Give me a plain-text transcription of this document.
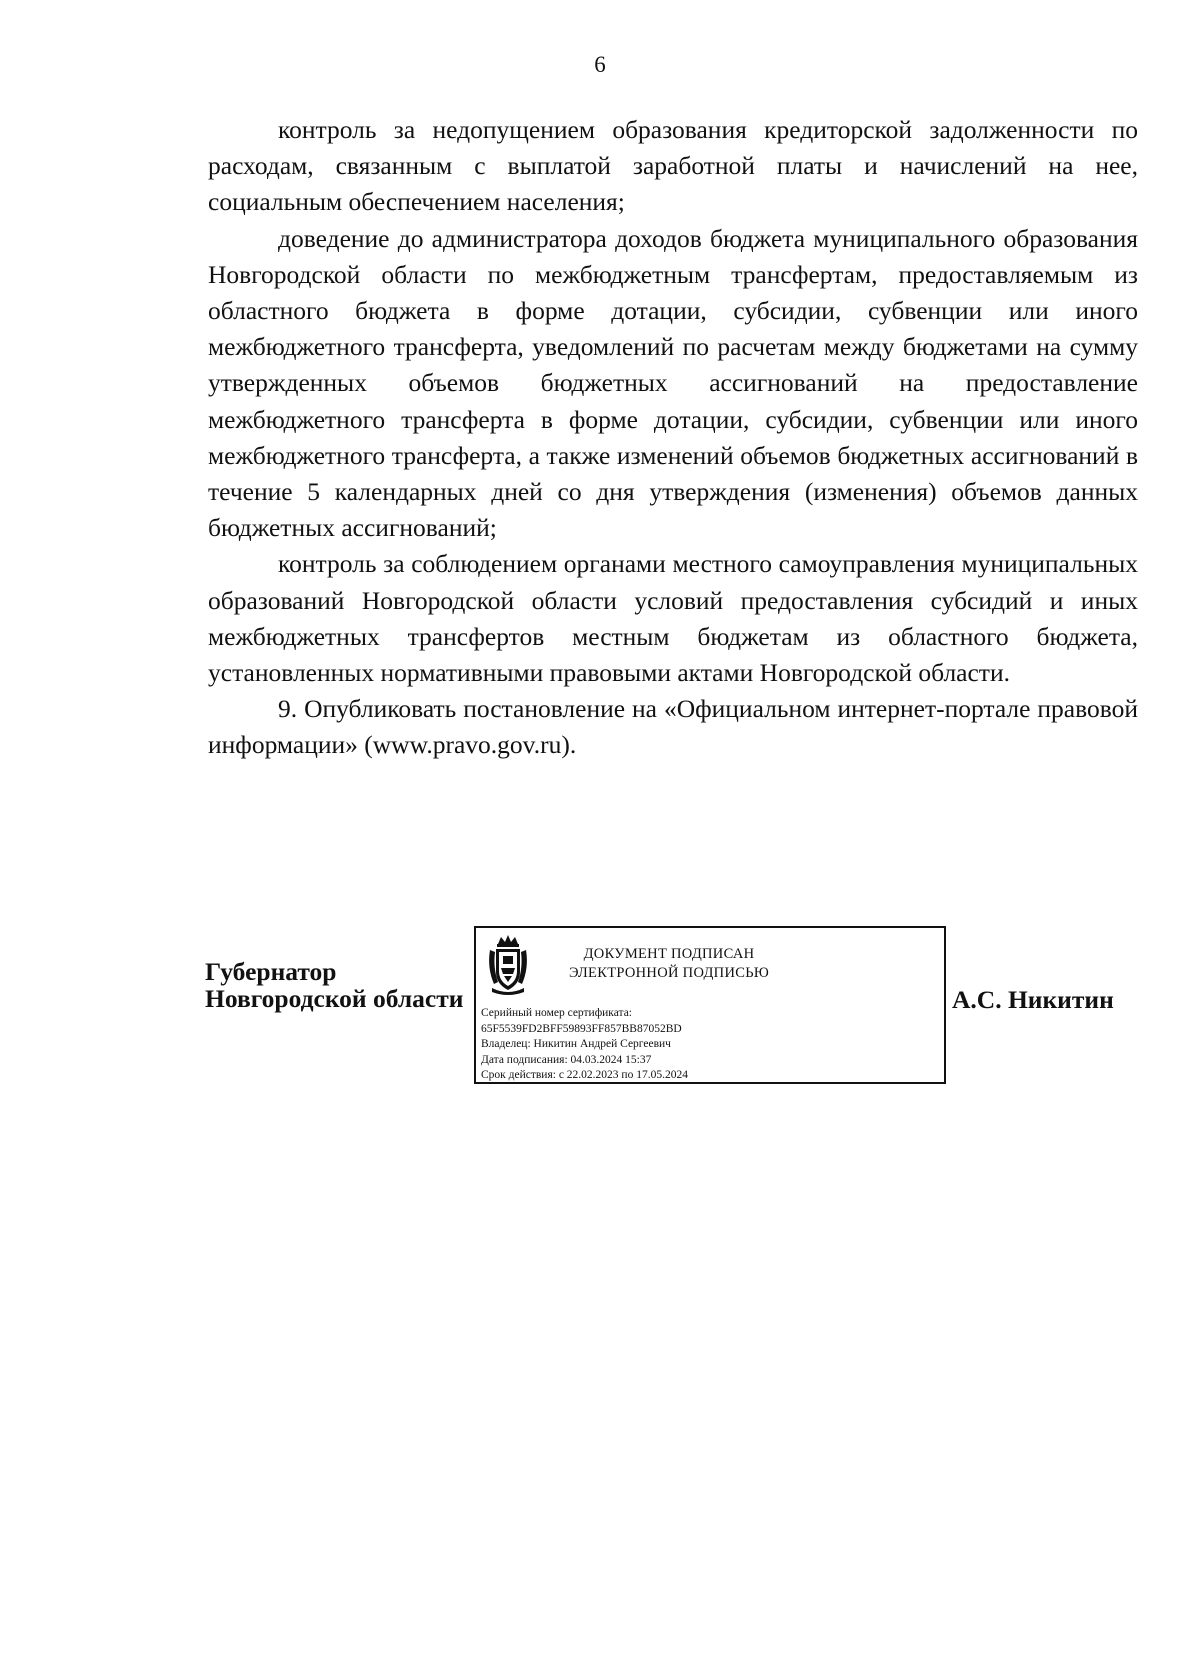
6

контроль за недопущением образования кредиторской задолженности по расходам, связанным с выплатой заработной платы и начислений на нее, социальным обеспечением населения;

доведение до администратора доходов бюджета муниципального образования Новгородской области по межбюджетным трансфертам, предоставляемым из областного бюджета в форме дотации, субсидии, субвенции или иного межбюджетного трансферта, уведомлений по расчетам между бюджетами на сумму утвержденных объемов бюджетных ассигнований на предоставление межбюджетного трансферта в форме дотации, субсидии, субвенции или иного межбюджетного трансферта, а также изменений объемов бюджетных ассигнований в течение 5 календарных дней со дня утверждения (изменения) объемов данных бюджетных ассигнований;

контроль за соблюдением органами местного самоуправления муниципальных образований Новгородской области условий предоставления субсидий и иных межбюджетных трансфертов местным бюджетам из областного бюджета, установленных нормативными правовыми актами Новгородской области.

9. Опубликовать постановление на «Официальном интернет-портале правовой информации» (www.pravo.gov.ru).

Губернатор
Новгородской области
ДОКУМЕНТ ПОДПИСАН
ЭЛЕКТРОННОЙ ПОДПИСЬЮ
Серийный номер сертификата:
65F5539FD2BFF59893FF857BB87052BD
Владелец: Никитин Андрей Сергеевич
Дата подписания: 04.03.2024 15:37
Срок действия: с 22.02.2023 по 17.05.2024
А.С. Никитин
